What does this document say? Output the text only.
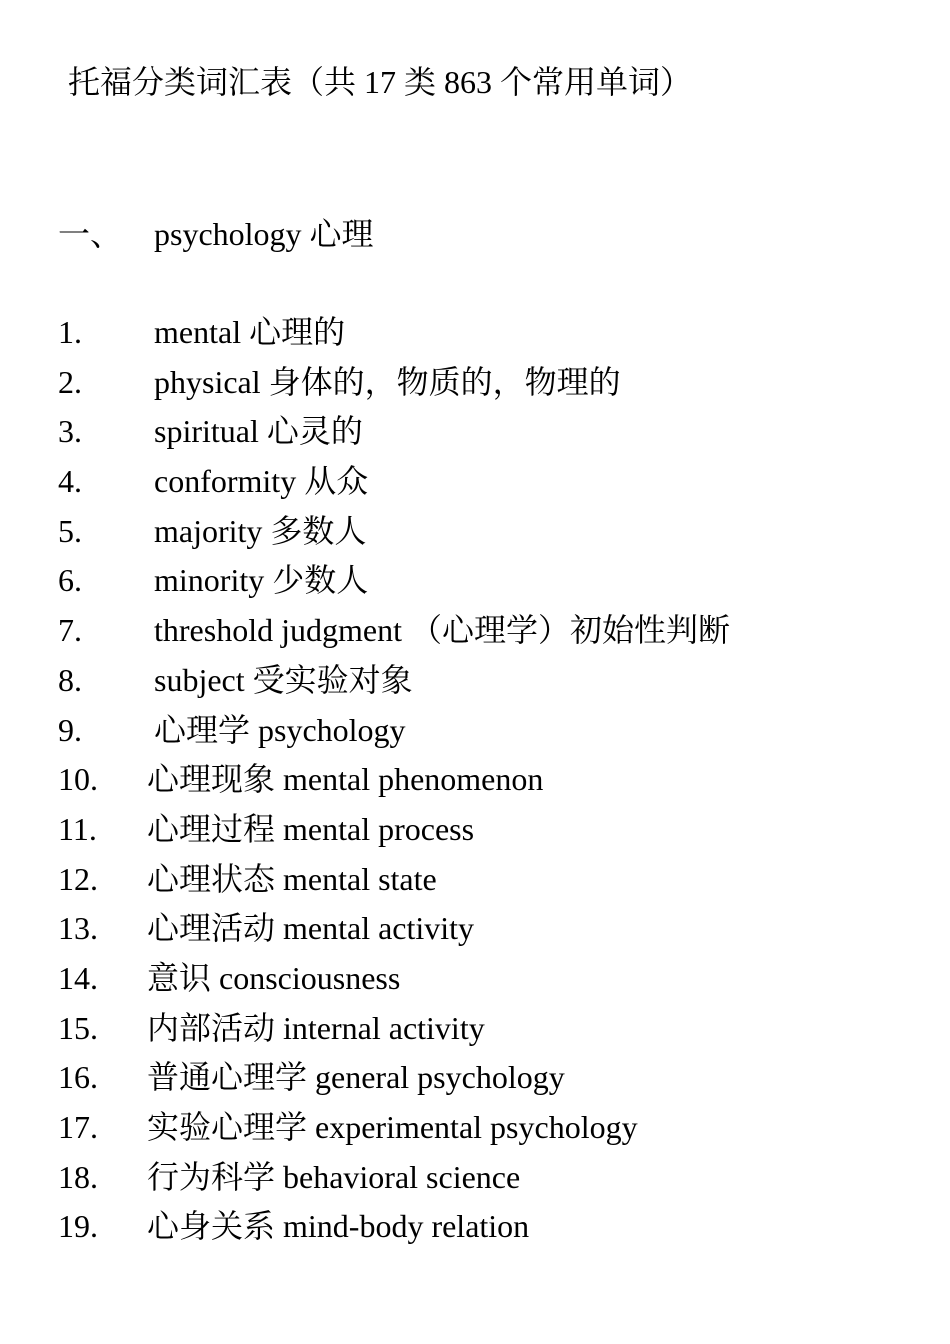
托福分类词汇表（共 17 类 863 个常用单词）
一、 psychology 心理
1. mental 心理的
2. physical 身体的，物质的，物理的
3. spiritual 心灵的
4. conformity 从众
5. majority 多数人
6. minority 少数人
7. threshold judgment （心理学）初始性判断
8. subject 受实验对象
9. 心理学 psychology
10. 心理现象 mental phenomenon
11. 心理过程 mental process
12. 心理状态 mental state
13. 心理活动 mental activity
14. 意识 consciousness
15. 内部活动 internal activity
16. 普通心理学 general psychology
17. 实验心理学 experimental psychology
18. 行为科学 behavioral science
19. 心身关系 mind-body relation
